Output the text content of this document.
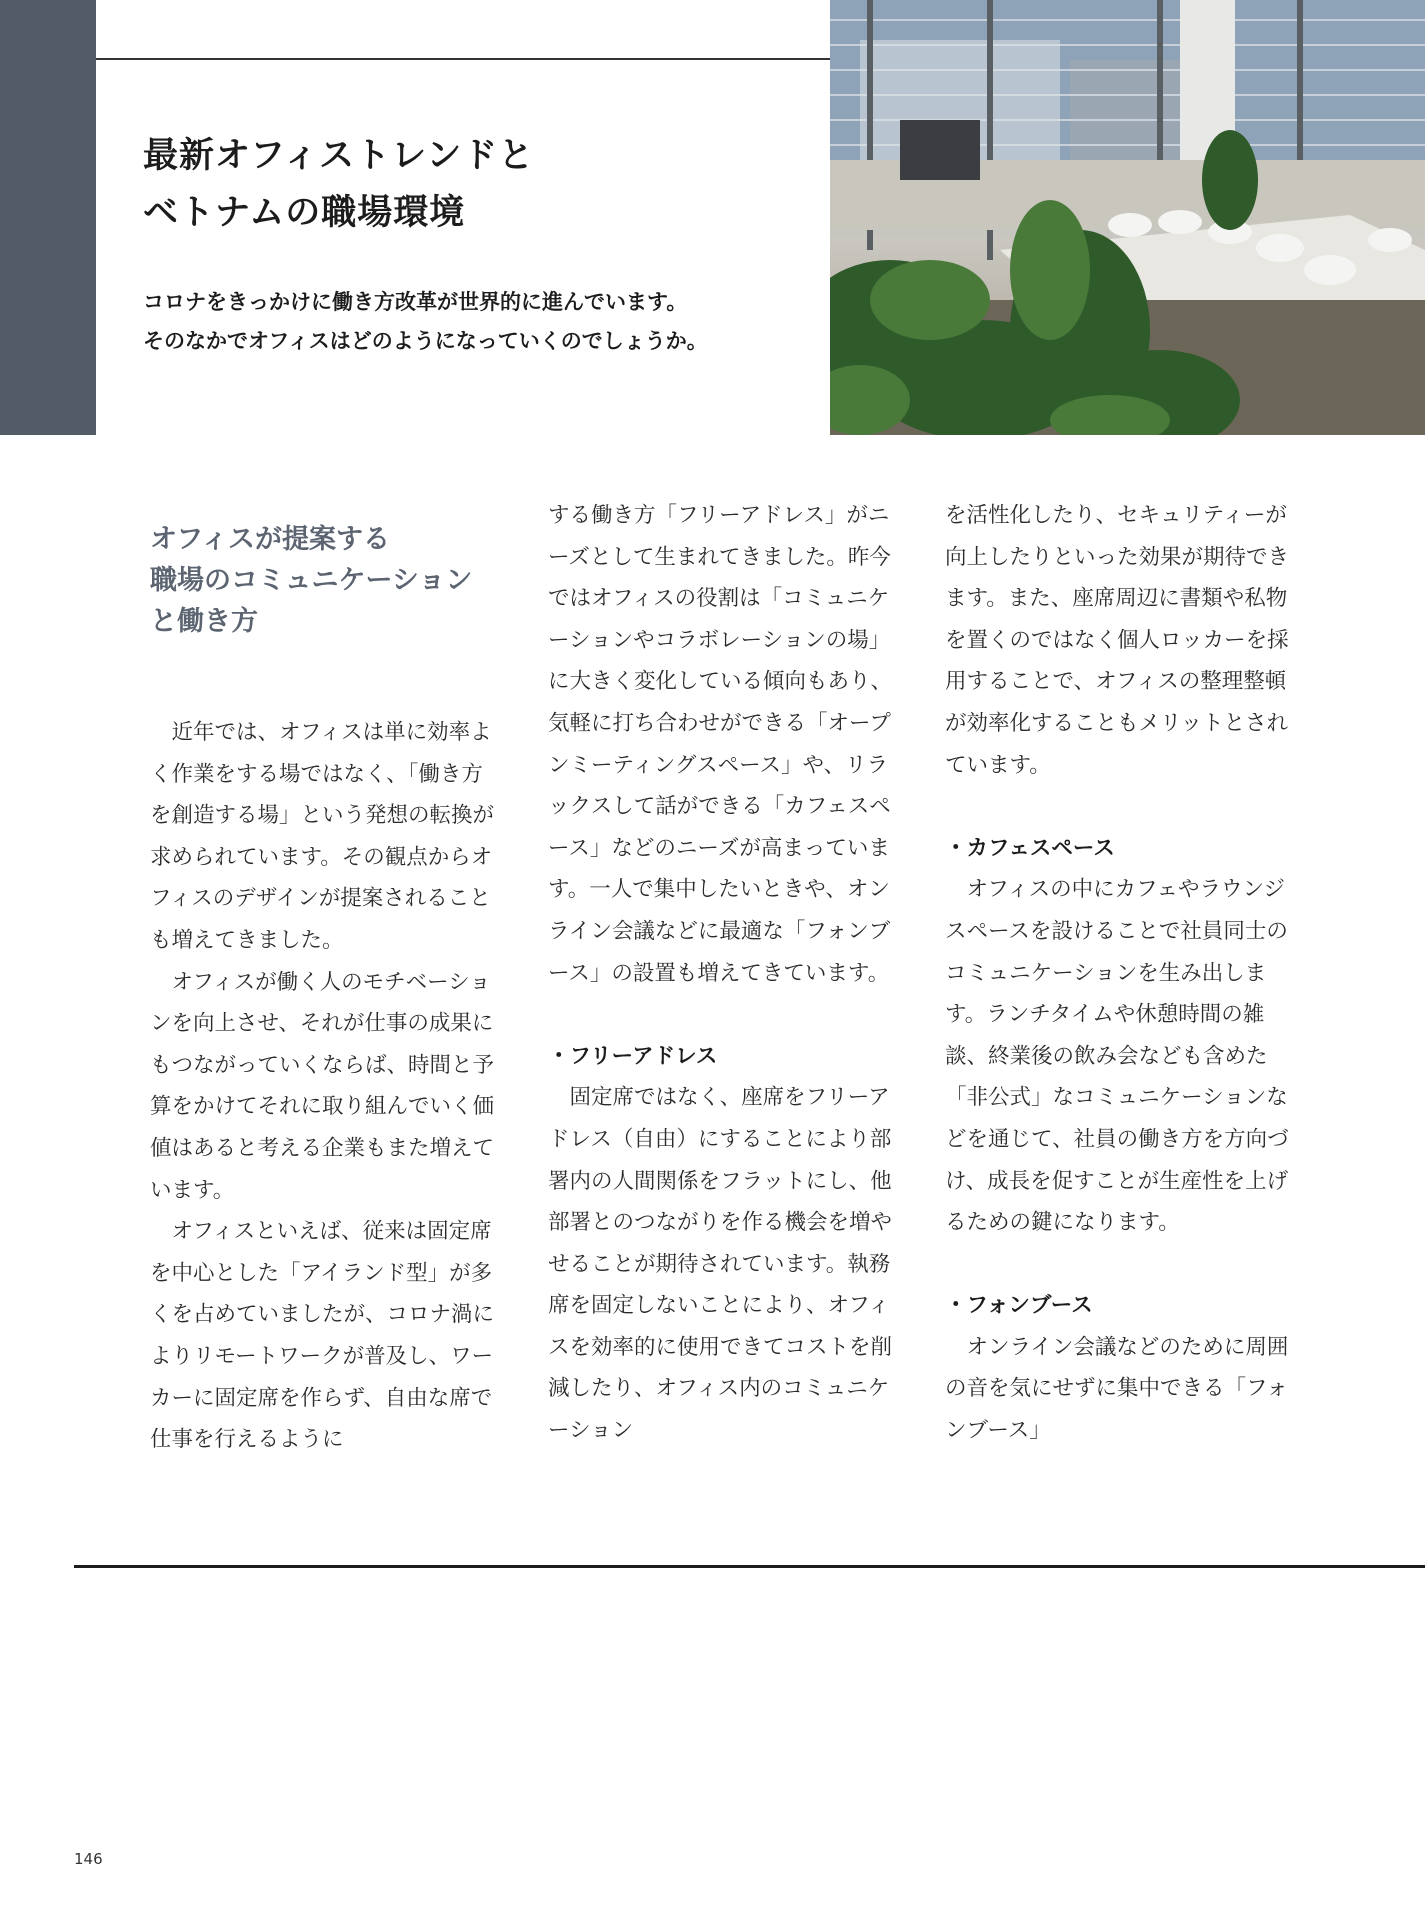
最新オフィストレンドと
ベトナムの職場環境
コロナをきっかけに働き方改革が世界的に進んでいます。
そのなかでオフィスはどのようになっていくのでしょうか。
オフィスが提案する
職場のコミュニケーション
と働き方

近年では、オフィスは単に効率よく作業をする場ではなく、「働き方を創造する場」という発想の転換が求められています。その観点からオフィスのデザインが提案されることも増えてきました。

オフィスが働く人のモチベーションを向上させ、それが仕事の成果にもつながっていくならば、時間と予算をかけてそれに取り組んでいく価値はあると考える企業もまた増えています。

オフィスといえば、従来は固定席を中心とした「アイランド型」が多くを占めていましたが、コロナ渦によりリモートワークが普及し、ワーカーに固定席を作らず、自由な席で仕事を行えるように

する働き方「フリーアドレス」がニーズとして生まれてきました。昨今ではオフィスの役割は「コミュニケーションやコラボレーションの場」に大きく変化している傾向もあり、気軽に打ち合わせができる「オープンミーティングスペース」や、リラックスして話ができる「カフェスペース」などのニーズが高まっています。一人で集中したいときや、オンライン会議などに最適な「フォンブース」の設置も増えてきています。

・フリーアドレス

固定席ではなく、座席をフリーアドレス（自由）にすることにより部署内の人間関係をフラットにし、他部署とのつながりを作る機会を増やせることが期待されています。執務席を固定しないことにより、オフィスを効率的に使用できてコストを削減したり、オフィス内のコミュニケーション

を活性化したり、セキュリティーが向上したりといった効果が期待できます。また、座席周辺に書類や私物を置くのではなく個人ロッカーを採用することで、オフィスの整理整頓が効率化することもメリットとされています。

・カフェスペース

オフィスの中にカフェやラウンジスペースを設けることで社員同士のコミュニケーションを生み出します。ランチタイムや休憩時間の雑談、終業後の飲み会なども含めた「非公式」なコミュニケーションなどを通じて、社員の働き方を方向づけ、成長を促すことが生産性を上げるための鍵になります。

・フォンブース

オンライン会議などのために周囲の音を気にせずに集中できる「フォンブース」

146
